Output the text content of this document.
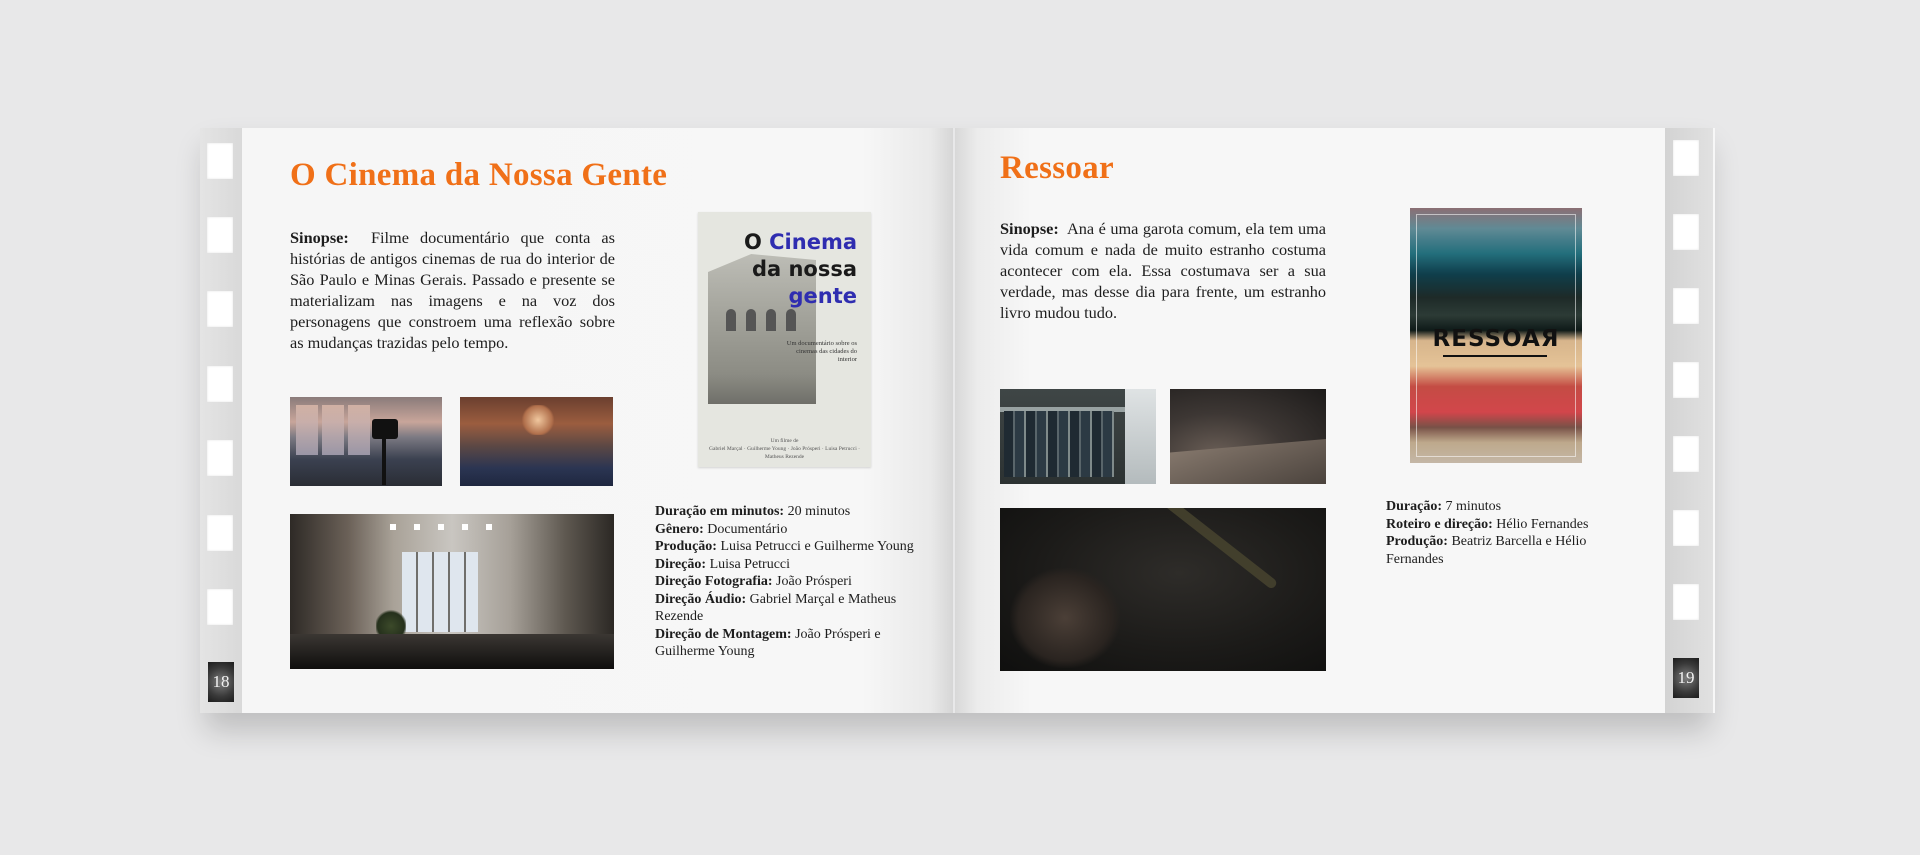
18
O Cinema da Nossa Gente

Sinopse: Filme documentário que conta as histórias de antigos cinemas de rua do interior de São Paulo e Minas Gerais. Passado e presente se materializam nas imagens e na voz dos personagens que constroem uma reflexão sobre as mudanças trazidas pelo tempo.

O Cinema
da nossa
gente
Um documentário sobre os cinemas das cidades do interior
Um filme de
Gabriel Marçal · Guilherme Young · João Prósperi · Luisa Petrucci · Matheus Rezende
Duração em minutos: 20 minutos
Gênero: Documentário
Produção: Luisa Petrucci e Guilherme Young
Direção: Luisa Petrucci
Direção Fotografia: João Prósperi
Direção Áudio: Gabriel Marçal e Matheus Rezende
Direção de Montagem: João Prósperi e Guilherme Young
19
Ressoar

Sinopse: Ana é uma garota comum, ela tem uma vida comum e nada de muito estranho costuma acontecer com ela. Essa costumava ser a sua verdade, mas desse dia para frente, um estranho livro mudou tudo.

RESSOAЯ
Duração: 7 minutos
Roteiro e direção: Hélio Fernandes
Produção: Beatriz Barcella e Hélio Fernandes
